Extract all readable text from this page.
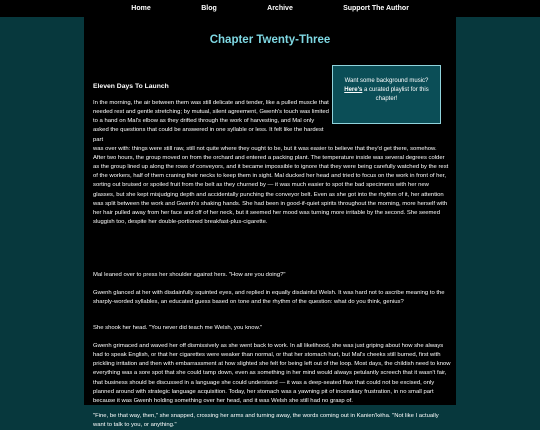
Home	Blog	Archive	Support The Author
Chapter Twenty-Three
Eleven Days To Launch
Want some background music?
Here's a curated playlist for this chapter!

In the morning, the air between them was still delicate and tender, like a pulled muscle that needed rest and gentle stretching; by mutual, silent agreement, Gwenh's touch was limited to a hand on Mal's elbow as they drifted through the work of harvesting, and Mal only asked the questions that could be answered in one syllable or less. It felt like the hardest part
was over with: things were still raw, still not quite where they ought to be, but it was easier to believe that they'd get there, somehow.

After two hours, the group moved on from the orchard and entered a packing plant. The temperature inside was several degrees colder as the group lined up along the rows of conveyors, and it became impossible to ignore that they were being carefully watched by the rest of the workers, half of them craning their necks to keep them in sight. Mal ducked her head and tried to focus on the work in front of her, sorting out bruised or spoiled fruit from the belt as they churned by — it was much easier to spot the bad specimens with her new glasses, but she kept misjudging depth and accidentally punching the conveyor belt. Even as she got into the rhythm of it, her attention was split between the work and Gwenh's shaking hands. She had been in good-if-quiet spirits throughout the morning, more herself with her hair pulled away from her face and off of her neck, but it seemed her mood was turning more irritable by the second. She seemed sluggish too, despite her double-portioned breakfast-plus-cigarette.

Mal leaned over to press her shoulder against hers. "How are you doing?"

Gwenh glanced at her with disdainfully squinted eyes, and replied in equally disdainful Welsh. It was hard not to ascribe meaning to the sharply-worded syllables, an educated guess based on tone and the rhythm of the question: what do you think, genius?

She shook her head. "You never did teach me Welsh, you know."

Gwenh grimaced and waved her off dismissively as she went back to work. In all likelihood, she was just griping about how she always had to speak English, or that her cigarettes were weaker than normal, or that her stomach hurt, but Mal's cheeks still burned, first with prickling irritation and then with embarrassment at how slighted she felt for being left out of the loop. Most days, the childish need to know everything was a sore spot that she could tamp down, even as something in her mind would always petulantly screech that it wasn't fair, that business should be discussed in a language she could understand — it was a deep-seated flaw that could not be excised, only planned around with strategic language acquisition. Today, her stomach was a yawning pit of incendiary frustration, in no small part because it was Gwenh holding something over her head, and it was Welsh she still had no grasp of.

"Fine, be that way, then," she snapped, crossing her arms and turning away, the words coming out in Kanien'kéha. "Not like I actually want to talk to you, or anything."
